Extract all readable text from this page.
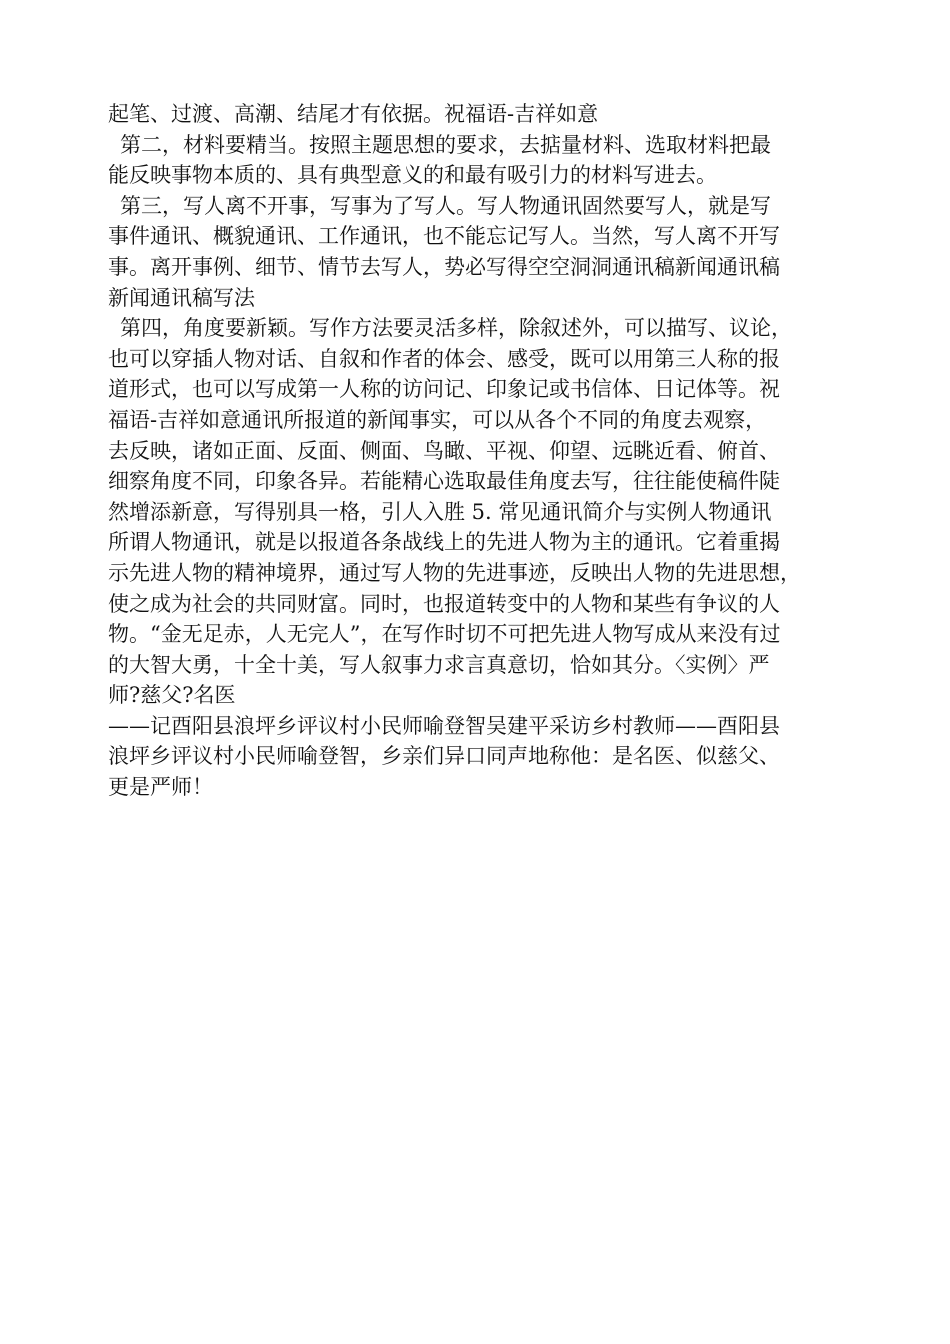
起笔、过渡、高潮、结尾才有依据。祝福语-吉祥如意
第二，材料要精当。按照主题思想的要求，去掂量材料、选取材料把最
能反映事物本质的、具有典型意义的和最有吸引力的材料写进去。
第三，写人离不开事，写事为了写人。写人物通讯固然要写人，就是写
事件通讯、概貌通讯、工作通讯，也不能忘记写人。当然，写人离不开写
事。离开事例、细节、情节去写人，势必写得空空洞洞通讯稿新闻通讯稿
新闻通讯稿写法
第四，角度要新颖。写作方法要灵活多样，除叙述外，可以描写、议论，
也可以穿插人物对话、自叙和作者的体会、感受，既可以用第三人称的报
道形式，也可以写成第一人称的访问记、印象记或书信体、日记体等。祝
福语-吉祥如意通讯所报道的新闻事实，可以从各个不同的角度去观察，
去反映，诸如正面、反面、侧面、鸟瞰、平视、仰望、远眺近看、俯首、
细察角度不同，印象各异。若能精心选取最佳角度去写，往往能使稿件陡
然增添新意，写得别具一格，引人入胜 5. 常见通讯简介与实例人物通讯
所谓人物通讯，就是以报道各条战线上的先进人物为主的通讯。它着重揭
示先进人物的精神境界，通过写人物的先进事迹，反映出人物的先进思想，
使之成为社会的共同财富。同时，也报道转变中的人物和某些有争议的人
物。“金无足赤，人无完人”，在写作时切不可把先进人物写成从来没有过
的大智大勇，十全十美，写人叙事力求言真意切，恰如其分。〈实例〉严
师?慈父?名医
——记酉阳县浪坪乡评议村小民师喻登智吴建平采访乡村教师——酉阳县
浪坪乡评议村小民师喻登智，乡亲们异口同声地称他：是名医、似慈父、
更是严师！
